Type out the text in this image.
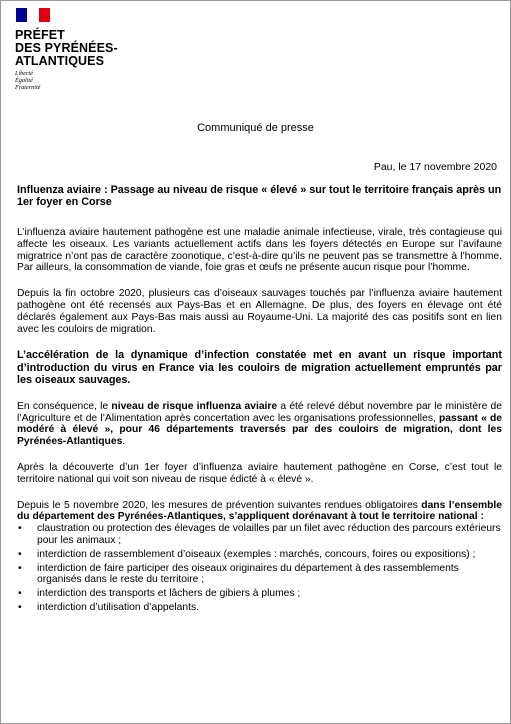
PRÉFET
DES PYRÉNÉES-
ATLANTIQUES
Liberté
Égalité
Fraternité
Communiqué de presse
Pau, le 17 novembre 2020
Influenza aviaire : Passage au niveau de risque « élevé » sur tout le territoire français après un 1er foyer en Corse

L’influenza aviaire hautement pathogène est une maladie animale infectieuse, virale, très contagieuse qui affecte les oiseaux. Les variants actuellement actifs dans les foyers détectés en Europe sur l’avifaune migratrice n’ont pas de caractère zoonotique, c’est-à-dire qu’ils ne peuvent pas se transmettre à l’homme. Par ailleurs, la consommation de viande, foie gras et œufs ne présente aucun risque pour l’homme.

Depuis la fin octobre 2020, plusieurs cas d’oiseaux sauvages touchés par l’influenza aviaire hautement pathogène ont été recensés aux Pays-Bas et en Allemagne. De plus, des foyers en élevage ont été déclarés également aux Pays-Bas mais aussi au Royaume-Uni. La majorité des cas positifs sont en lien avec les couloirs de migration.

L’accélération de la dynamique d’infection constatée met en avant un risque important d’introduction du virus en France via les couloirs de migration actuellement empruntés par les oiseaux sauvages.

En conséquence, le niveau de risque influenza aviaire a été relevé début novembre par le ministère de l’Agriculture et de l’Alimentation après concertation avec les organisations professionnelles, passant « de modéré à élevé », pour 46 départements traversés par des couloirs de migration, dont les Pyrénées-Atlantiques.

Après la découverte d’un 1er foyer d’influenza aviaire hautement pathogène en Corse, c’est tout le territoire national qui voit son niveau de risque édicté à « élevé ».

Depuis le 5 novembre 2020, les mesures de prévention suivantes rendues obligatoires dans l’ensemble du département des Pyrénées-Atlantiques, s’appliquent dorénavant à tout le territoire national :

• claustration ou protection des élevages de volailles par un filet avec réduction des parcours extérieurs pour les animaux ;
• interdiction de rassemblement d’oiseaux (exemples : marchés, concours, foires ou expositions) ;
• interdiction de faire participer des oiseaux originaires du département à des rassemblements organisés dans le reste du territoire ;
• interdiction des transports et lâchers de gibiers à plumes ;
• interdiction d’utilisation d’appelants.
